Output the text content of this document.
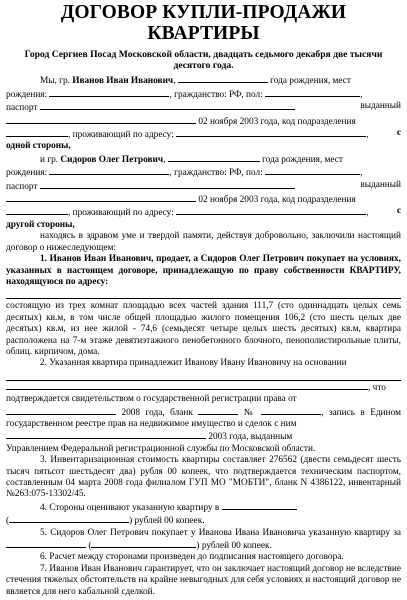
ДОГОВОР КУПЛИ-ПРОДАЖИ
КВАРТИРЫ
Город Сергиев Посад Московской области, двадцать седьмого декабря две тысячи десятого года.
Мы, гр. Иванов Иван Иванович,	года рождения, мест
рождения:	, гражданство: РФ, пол:	,
паспорт	выданный
02 ноября 2003 года, код подразделения
, проживающий по адресу:	,	с
одной стороны,
и гр. Сидоров Олег Петрович,	года рождения, мест
рождения:	, гражданство: РФ, пол:	,
паспорт	выданный
02 ноября 2003 года, код подразделения
, проживающий по адресу:	,	с
другой стороны,
находясь в здравом уме и твердой памяти, действуя добровольно, заключили настоящий договор о нижеследующем:
1. Иванов Иван Иванович, продает, а Сидоров Олег Петрович покупает на условиях, указанных в настоящем договоре, принадлежащую по праву собственности КВАРТИРУ, находящуюся по адресу:
состоящую из трех комнат площадью всех частей здания 111,7 (сто одиннадцать целых семь десятых) кв.м, в том числе общей площадью жилого помещения 106,2 (сто шесть целых две десятых) кв.м, из нее жилой - 74,6 (семьдесят четыре целых шесть десятых) кв.м, квартира расположена на 7-м этаже девятиэтажного пенобетонного блочного, пенополистирольные плиты, облиц. кирпичом, дома.
2. Указанная квартира принадлежит Иванову Ивану Ивановичу на основании
, что
подтверждается свидетельством о государственной регистрации права от
2008 года, бланк	№	, запись в Едином государственном реестре прав на недвижимое имущество и сделок с ним
2003 года, выданным
Управлением Федеральной регистрационной службы по Московской области.
3. Инвентаризационная стоимость квартиры составляет 276562 (двести семьдесят шесть тысяч пятьсот шестьдесят два) рубля 00 копеек, что подтверждается техническим паспортом, составленным 04 марта 2008 года филиалом ГУП МО "МОБТИ", бланк N 4386122, инвентарный №263:075-13302/45.
4. Стороны оценивают указанную квартиру в
(	) рублей 00 копеек.
5. Сидоров Олег Петрович покупает у Иванова Ивана Ивановича указанную квартиру за  (	) рублей 00 копеек.
6. Расчет между сторонами произведен до подписания настоящего договора.
7. Иванов Иван Иванович гарантирует, что он заключает настоящий договор не вследствие стечения тяжелых обстоятельств на крайне невыгодных для себя условиях и настоящий договор не является для него кабальной сделкой.
